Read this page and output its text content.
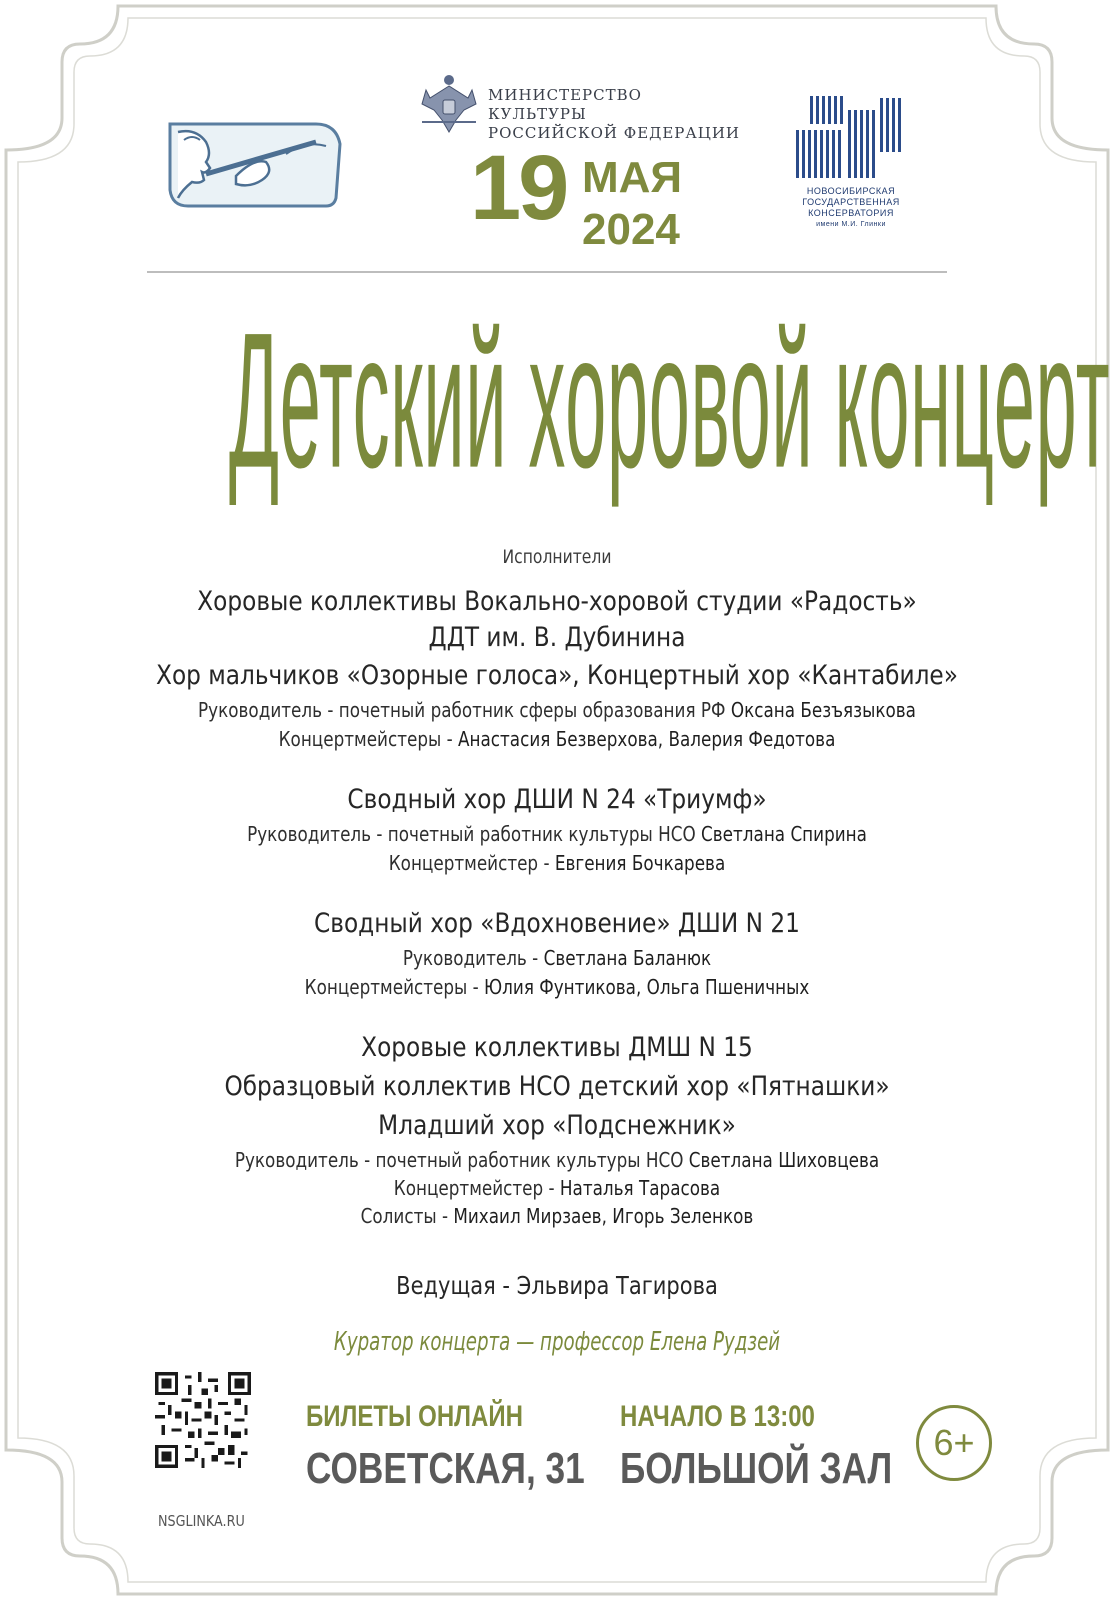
МИНИСТЕРСТВО КУЛЬТУРЫ
РОССИЙСКОЙ ФЕДЕРАЦИИ
19 МАЯ
2024
НОВОСИБИРСКАЯ
ГОСУДАРСТВЕННАЯ
КОНСЕРВАТОРИЯ
имени М.И. Глинки
Детский хоровой концерт
Исполнители
Хоровые коллективы Вокально-хоровой студии «Радость»
ДДТ им. В. Дубинина
Хор мальчиков «Озорные голоса», Концертный хор «Кантабиле»
Руководитель - почетный работник сферы образования РФ Оксана Безъязыкова
Концертмейстеры - Анастасия Безверхова, Валерия Федотова
Сводный хор ДШИ N 24 «Триумф»
Руководитель - почетный работник культуры НСО Светлана Спирина
Концертмейстер - Евгения Бочкарева
Сводный хор «Вдохновение» ДШИ N 21
Руководитель - Светлана Баланюк
Концертмейстеры - Юлия Фунтикова, Ольга Пшеничных
Хоровые коллективы ДМШ N 15
Образцовый коллектив НСО детский хор «Пятнашки»
Младший хор «Подснежник»
Руководитель - почетный работник культуры НСО Светлана Шиховцева
Концертмейстер - Наталья Тарасова
Солисты - Михаил Мирзаев, Игорь Зеленков
Ведущая - Эльвира Тагирова
Куратор концерта — профессор Елена Рудзей
NSGLINKA.RU
БИЛЕТЫ ОНЛАЙН
СОВЕТСКАЯ, 31
НАЧАЛО В 13:00
БОЛЬШОЙ ЗАЛ
6+
